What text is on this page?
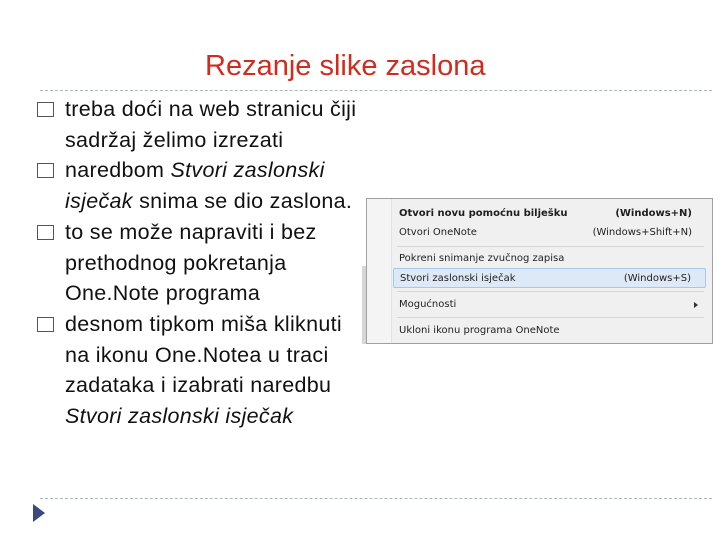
Rezanje slike zaslona
treba doći na web stranicu čiji sadržaj želimo izrezati
naredbom Stvori zaslonski isječak snima se dio zaslona.
to se može napraviti i bez prethodnog pokretanja One.Note programa
desnom tipkom miša kliknuti na ikonu One.Notea u traci zadataka i izabrati naredbu Stvori zaslonski isječak
Otvori novu pomoćnu bilješku	(Windows+N)
Otvori OneNote	(Windows+Shift+N)
Pokreni snimanje zvučnog zapisa
Stvori zaslonski isječak	(Windows+S)
Mogućnosti
Ukloni ikonu programa OneNote
